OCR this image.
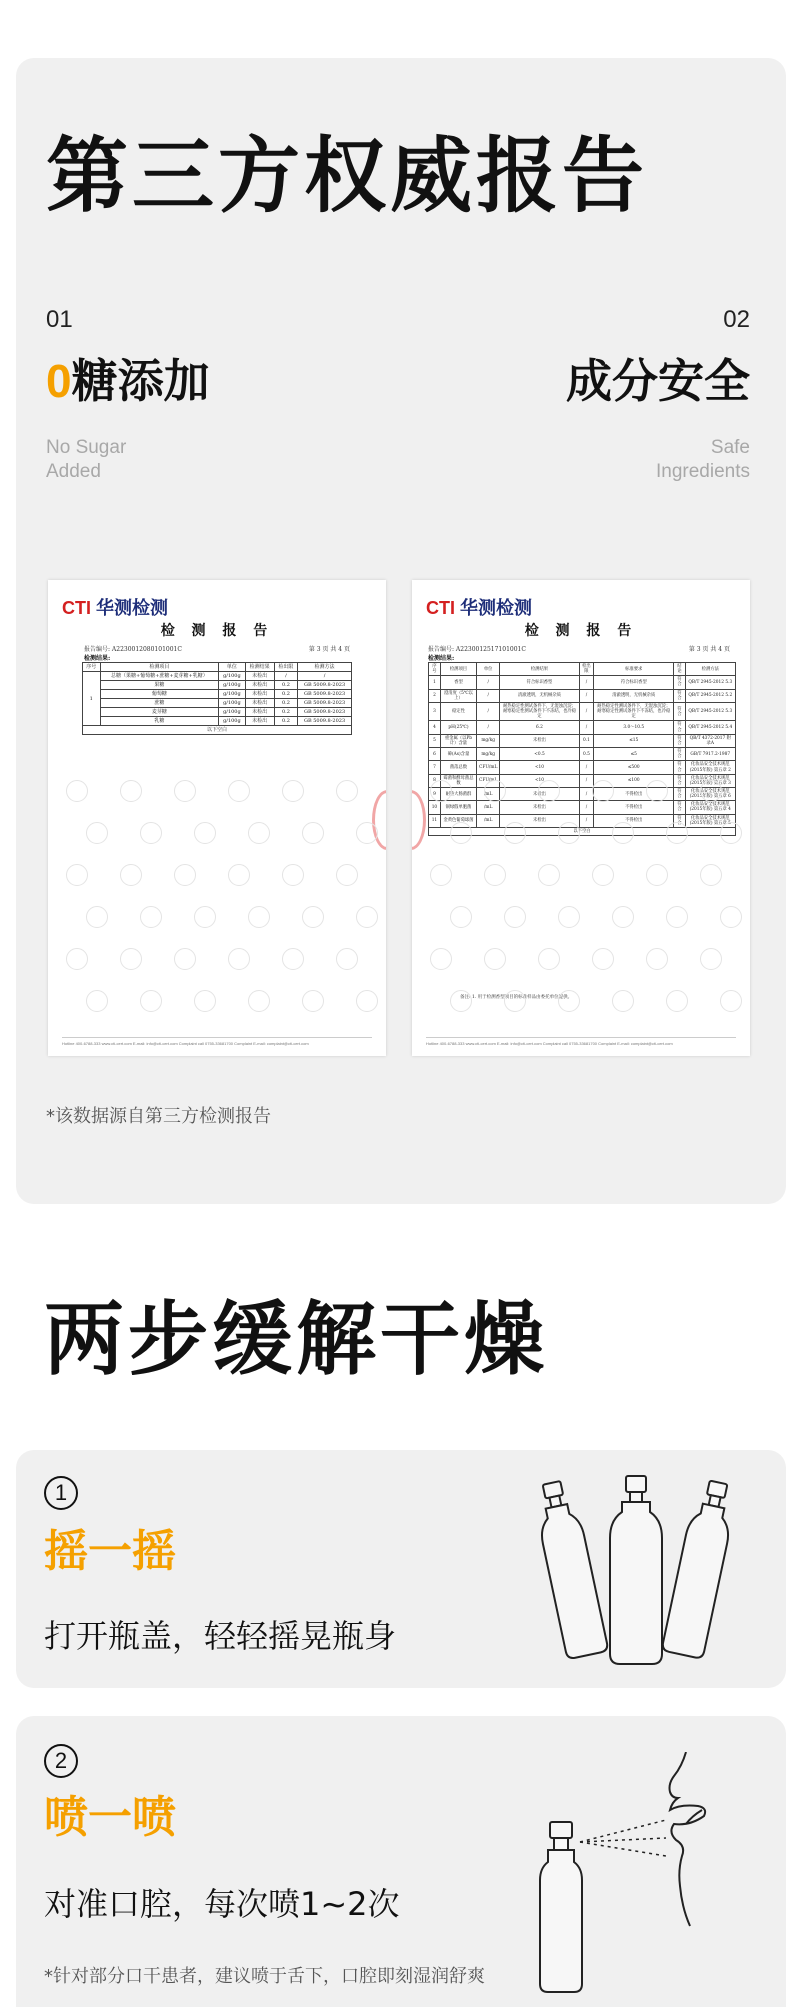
第三方权威报告
01	02
0糖添加	成分安全
No Sugar
Added
Safe
Ingredients
CTI 华测检测
检 测 报 告
报告编号: A2230012080101001C	第 3 页 共 4 页
检测结果:
序号	检测项目	单位	检测结果	检出限	检测方法
1	总糖（果糖+葡萄糖+蔗糖+麦芽糖+乳糖）	g/100g	未检出	/	/
	果糖	g/100g	未检出	0.2	GB 5009.8-2023
	葡萄糖	g/100g	未检出	0.2	GB 5009.8-2023
	蔗糖	g/100g	未检出	0.2	GB 5009.8-2023
	麦芽糖	g/100g	未检出	0.2	GB 5009.8-2023
	乳糖	g/100g	未检出	0.2	GB 5009.8-2023
以下空白					
Hotline 400-6788-333 www.cti-cert.com E-mail: info@cti-cert.com Complaint call 0755-33681700 Complaint E-mail: complaint@cti-cert.com
CTI 华测检测
检 测 报 告
报告编号: A2230012517101001C	第 3 页 共 4 页
检测结果:
序号	检测项目	单位	检测结果	检出限	标准要求	结论	检测方法
1	香型	/	符合标识香型	/	符合标识香型	符合	QB/T 2945-2012 5.3
2	澄清度（5℃以上）	/	清澈透明，无机械杂质	/	清澈透明，无机械杂质	符合	QB/T 2945-2012 5.2
3	稳定性	/	耐热稳定性测试条件下，无混浊沉淀；耐寒稳定性测试条件下不冻结，也冷稳定	/	耐热稳定性测试条件下，无混浊沉淀；耐寒稳定性测试条件下不冻结，也冷稳定	符合	QB/T 2945-2012 5.3
4	pH(25℃)	/	6.2	/	3.0～10.5	符合	QB/T 2945-2012 5.4
5	重金属（以Pb计）含量	mg/kg	未检出	0.1	≤15	符合	QB/T 4372-2017 附录A
6	砷(As)含量	mg/kg	<0.5	0.5	≤5	符合	GB/T 7917.2-1987
7	菌落总数	CFU/mL	<10	/	≤500	符合	化妆品安全技术规范(2015年版) 第五章 2
8	霉菌和酵母菌总数	CFU/mL	<10	/	≤100	符合	化妆品安全技术规范(2015年版) 第五章 3
9	耐热大肠菌群	/mL	未检出	/	不得检出	符合	化妆品安全技术规范(2015年版) 第五章 6
10	铜绿假单胞菌	/mL	未检出	/	不得检出	符合	化妆品安全技术规范(2015年版) 第五章 4
11	金黄色葡萄球菌	/mL	未检出	/	不得检出	符合	化妆品安全技术规范(2015年版) 第五章 5
以下空白							
备注: 1. 用于检测香型项目的标准样品由委托单位提供。
Hotline 400-6788-333 www.cti-cert.com E-mail: info@cti-cert.com Complaint call 0755-33681700 Complaint E-mail: complaint@cti-cert.com
*该数据源自第三方检测报告
两步缓解干燥
1
摇一摇
打开瓶盖，轻轻摇晃瓶身
2
喷一喷
对准口腔，每次喷1~2次
*针对部分口干患者，建议喷于舌下，口腔即刻湿润舒爽
